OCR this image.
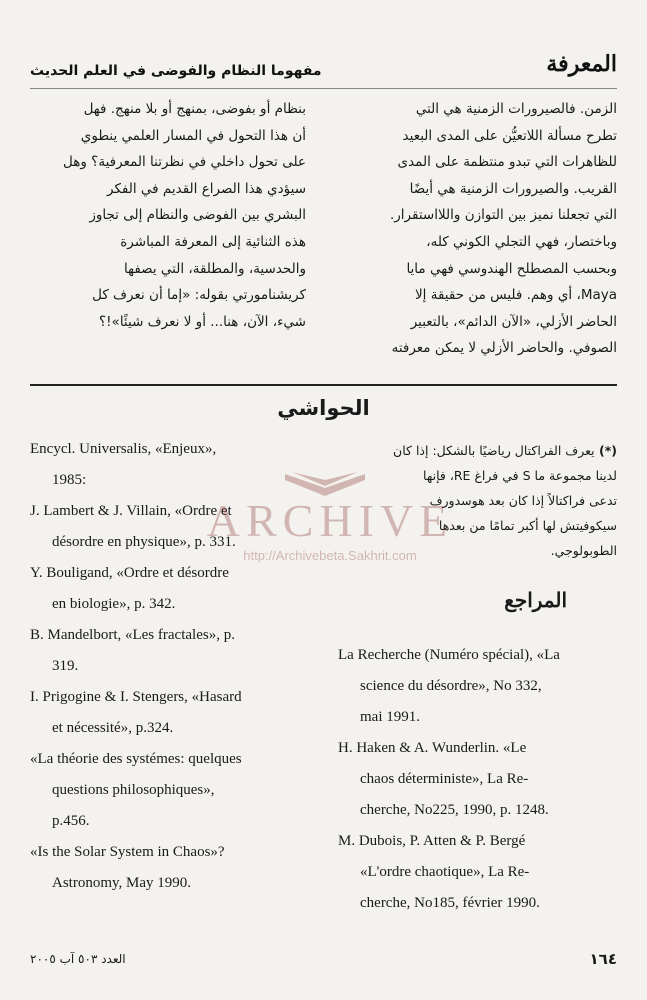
المعرفة
مفهوما النظام والفوضى في العلم الحديث
الزمن. فالصيرورات الزمنية هي التي
تطرح مسألة اللاتعيُّن على المدى البعيد
للظاهرات التي تبدو منتظمة على المدى
القريب. والصيرورات الزمنية هي أيضًا
التي تجعلنا نميز بين التوازن واللااستقرار.
وباختصار، فهي التجلي الكوني كله،
وبحسب المصطلح الهندوسي فهي مايا
Maya، أي وهم. فليس من حقيقة إلا
الحاضر الأزلي، «الآن الدائم»، بالتعبير
الصوفي. والحاضر الأزلي لا يمكن معرفته
بنظام أو بفوضى، بمنهج أو بلا منهج. فهل
أن هذا التحول في المسار العلمي ينطوي
على تحول داخلي في نظرتنا المعرفية؟ وهل
سيؤدي هذا الصراع القديم في الفكر
البشري بين الفوضى والنظام إلى تجاوز
هذه الثنائية إلى المعرفة المباشرة
والحدسية، والمطلقة، التي يصفها
كريشنامورتي بقوله: «إما أن نعرف كل
شيء، الآن، هنا... أو لا نعرف شيئًا»!؟
الحواشي
(*) يعرف الفراكتال رياضيًا بالشكل: إذا كان
لدينا مجموعة ما S في فراغ RE، فإنها
تدعى فراكتالاً إذا كان بعد هوسدورف
سيكوفيتش لها أكبر تمامًا من بعدها
الطوبولوجي.
المراجع
Encycl. Universalis, «Enjeux»,
1985:
J. Lambert & J. Villain, «Ordre et
désordre en physique», p. 331.
Y. Bouligand, «Ordre et désordre
en biologie», p. 342.
B. Mandelbort, «Les fractales», p.
319.
I. Prigogine & I. Stengers, «Hasard
et nécessité», p.324.
«La théorie des systémes: quelques
questions philosophiques»,
p.456.
«Is the Solar System in Chaos»?
Astronomy, May 1990.
La Recherche (Numéro spécial), «La
science du désordre», No 332,
mai 1991.
H. Haken & A. Wunderlin. «Le
chaos déterministe», La Re-
cherche, No225, 1990, p. 1248.
M. Dubois, P. Atten & P. Bergé
«L'ordre chaotique», La Re-
cherche, No185, février 1990.
ARCHIVE
http://Archivebeta.Sakhrit.com
١٦٤
العدد ٥٠٣ آب ٢٠٠٥
